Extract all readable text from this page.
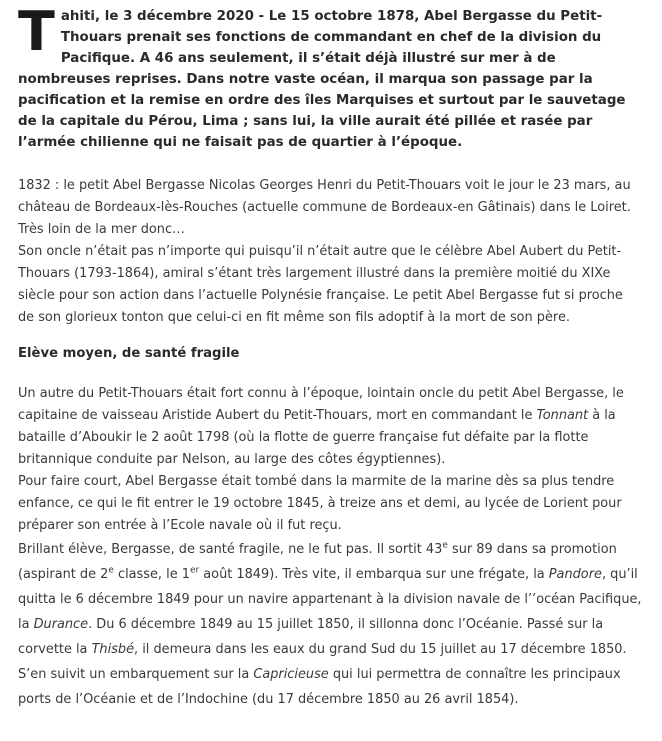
Tahiti, le 3 décembre 2020 - Le 15 octobre 1878, Abel Bergasse du Petit-Thouars prenait ses fonctions de commandant en chef de la division du Pacifique. A 46 ans seulement, il s’était déjà illustré sur mer à de nombreuses reprises. Dans notre vaste océan, il marqua son passage par la pacification et la remise en ordre des îles Marquises et surtout par le sauvetage de la capitale du Pérou, Lima ; sans lui, la ville aurait été pillée et rasée par l’armée chilienne qui ne faisait pas de quartier à l’époque.

1832 : le petit Abel Bergasse Nicolas Georges Henri du Petit-Thouars voit le jour le 23 mars, au château de Bordeaux-lès-Rouches (actuelle commune de Bordeaux-en Gâtinais) dans le Loiret. Très loin de la mer donc…

Son oncle n’était pas n’importe qui puisqu’il n’était autre que le célèbre Abel Aubert du Petit-Thouars (1793-1864), amiral s’étant très largement illustré dans la première moitié du XIXe siècle pour son action dans l’actuelle Polynésie française. Le petit Abel Bergasse fut si proche de son glorieux tonton que celui-ci en fit même son fils adoptif à la mort de son père.

Elève moyen, de santé fragile

Un autre du Petit-Thouars était fort connu à l’époque, lointain oncle du petit Abel Bergasse, le capitaine de vaisseau Aristide Aubert du Petit-Thouars, mort en commandant le Tonnant à la bataille d’Aboukir le 2 août 1798 (où la flotte de guerre française fut défaite par la flotte britannique conduite par Nelson, au large des côtes égyptiennes).

Pour faire court, Abel Bergasse était tombé dans la marmite de la marine dès sa plus tendre enfance, ce qui le fit entrer le 19 octobre 1845, à treize ans et demi, au lycée de Lorient pour préparer son entrée à l’Ecole navale où il fut reçu.

Brillant élève, Bergasse, de santé fragile, ne le fut pas. Il sortit 43e sur 89 dans sa promotion (aspirant de 2e classe, le 1er août 1849). Très vite, il embarqua sur une frégate, la Pandore, qu’il quitta le 6 décembre 1849 pour un navire appartenant à la division navale de l’’océan Pacifique, la Durance. Du 6 décembre 1849 au 15 juillet 1850, il sillonna donc l’Océanie. Passé sur la corvette la Thisbé, il demeura dans les eaux du grand Sud du 15 juillet au 17 décembre 1850. S’en suivit un embarquement sur la Capricieuse qui lui permettra de connaître les principaux ports de l’Océanie et de l’Indochine (du 17 décembre 1850 au 26 avril 1854).
